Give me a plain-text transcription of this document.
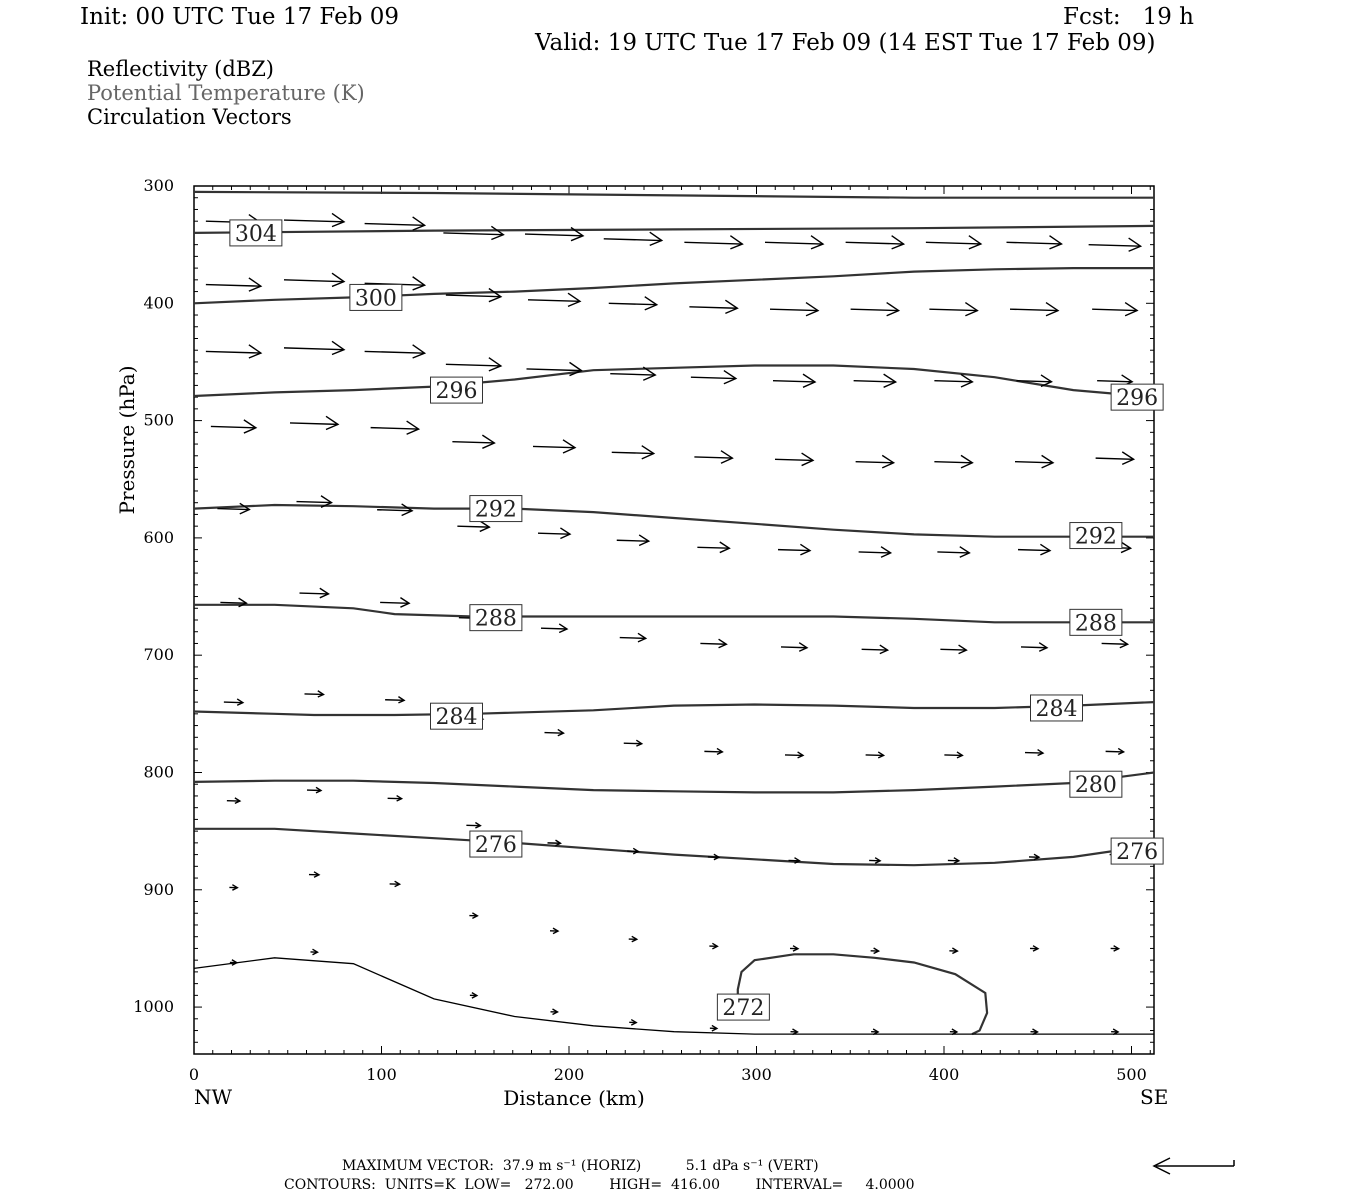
Init: 00 UTC Tue 17 Feb 09	Fcst:   19 h
Valid: 19 UTC Tue 17 Feb 09 (14 EST Tue 17 Feb 09)
Reflectivity (dBZ)
Potential Temperature (K)
Circulation Vectors
304
300
296	296
292
292
288	288
284	284
280
276	276
272
0	100	200	300	400	500
300
400
500
600
700
800
900
1000
NW	SE
Distance (km)
Pressure (hPa)
MAXIMUM VECTOR:  37.9 m s⁻¹ (HORIZ)          5.1 dPa s⁻¹ (VERT)
CONTOURS:  UNITS=K  LOW=   272.00        HIGH=  416.00        INTERVAL=     4.0000
